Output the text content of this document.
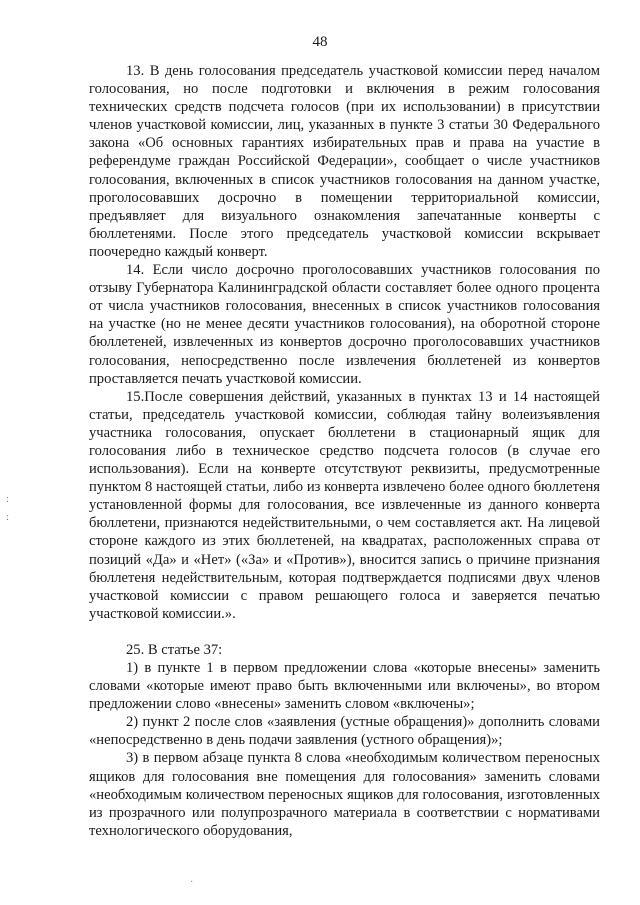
48
:
:

13. В день голосования председатель участковой комиссии перед началом голосования, но после подготовки и включения в режим голосования технических средств подсчета голосов (при их использовании) в присутствии членов участковой комиссии, лиц, указанных в пункте 3 статьи 30 Федерального закона «Об основных гарантиях избирательных прав и права на участие в референдуме граждан Российской Федерации», сообщает о числе участников голосования, включенных в список участников голосования на данном участке, проголосовавших досрочно в помещении территориальной комиссии, предъявляет для визуального ознакомления запечатанные конверты с бюллетенями. После этого председатель участковой комиссии вскрывает поочередно каждый конверт.

14. Если число досрочно проголосовавших участников голосования по отзыву Губернатора Калининградской области составляет более одного процента от числа участников голосования, внесенных в список участников голосования на участке (но не менее десяти участников голосования), на оборотной стороне бюллетеней, извлеченных из конвертов досрочно проголосовавших участников голосования, непосредственно после извлечения бюллетеней из конвертов проставляется печать участковой комиссии.

15.После совершения действий, указанных в пунктах 13 и 14 настоящей статьи, председатель участковой комиссии, соблюдая тайну волеизъявления участника голосования, опускает бюллетени в стационарный ящик для голосования либо в техническое средство подсчета голосов (в случае его использования). Если на конверте отсутствуют реквизиты, предусмотренные пунктом 8 настоящей статьи, либо из конверта извлечено более одного бюллетеня установленной формы для голосования, все извлеченные из данного конверта бюллетени, признаются недействительными, о чем составляется акт. На лицевой стороне каждого из этих бюллетеней, на квадратах, расположенных справа от позиций «Да» и «Нет» («За» и «Против»), вносится запись о причине признания бюллетеня недействительным, которая подтверждается подписями двух членов участковой комиссии с правом решающего голоса и заверяется печатью участковой комиссии.».

25. В статье 37:

1) в пункте 1 в первом предложении слова «которые внесены» заменить словами «которые имеют право быть включенными или включены», во втором предложении слово «внесены» заменить словом «включены»;

2) пункт 2 после слов «заявления (устные обращения)» дополнить словами «непосредственно в день подачи заявления (устного обращения)»;

3) в первом абзаце пункта 8 слова «необходимым количеством переносных ящиков для голосования вне помещения для голосования» заменить словами «необходимым количеством переносных ящиков для голосования, изготовленных из прозрачного или полупрозрачного материала в соответствии с нормативами технологического оборудования,

·
